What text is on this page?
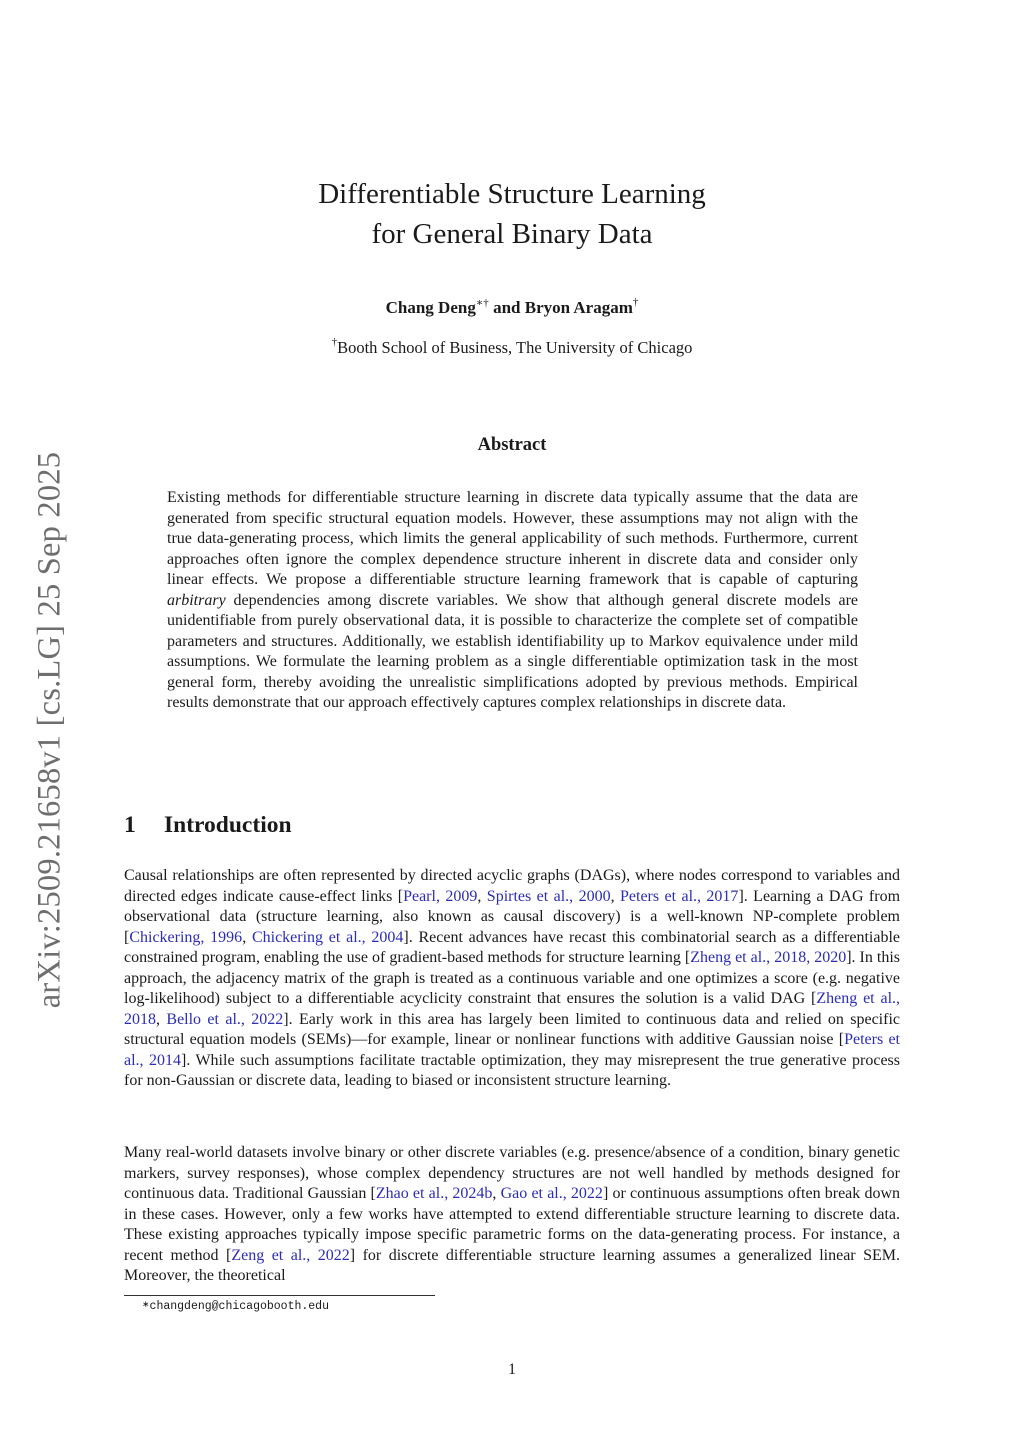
arXiv:2509.21658v1 [cs.LG] 25 Sep 2025
Differentiable Structure Learning
for General Binary Data
Chang Deng∗† and Bryon Aragam†
†Booth School of Business, The University of Chicago
Abstract
Existing methods for differentiable structure learning in discrete data typically assume that the data are generated from specific structural equation models. However, these assumptions may not align with the true data-generating process, which limits the general applicability of such methods. Furthermore, current approaches often ignore the complex dependence structure inherent in discrete data and consider only linear effects. We propose a differentiable structure learning framework that is capable of capturing arbitrary dependencies among discrete variables. We show that although general discrete models are unidentifiable from purely observational data, it is possible to characterize the complete set of compatible parameters and structures. Additionally, we establish identifiability up to Markov equivalence under mild assumptions. We formulate the learning problem as a single differentiable optimization task in the most general form, thereby avoiding the unrealistic simplifications adopted by previous methods. Empirical results demonstrate that our approach effectively captures complex relationships in discrete data.
1 Introduction
Causal relationships are often represented by directed acyclic graphs (DAGs), where nodes correspond to variables and directed edges indicate cause-effect links [Pearl, 2009, Spirtes et al., 2000, Peters et al., 2017]. Learning a DAG from observational data (structure learning, also known as causal discovery) is a well-known NP-complete problem [Chickering, 1996, Chickering et al., 2004]. Recent advances have recast this combinatorial search as a differentiable constrained program, enabling the use of gradient-based methods for structure learning [Zheng et al., 2018, 2020]. In this approach, the adjacency matrix of the graph is treated as a continuous variable and one optimizes a score (e.g. negative log-likelihood) subject to a differentiable acyclicity constraint that ensures the solution is a valid DAG [Zheng et al., 2018, Bello et al., 2022]. Early work in this area has largely been limited to continuous data and relied on specific structural equation models (SEMs)—for example, linear or nonlinear functions with additive Gaussian noise [Peters et al., 2014]. While such assumptions facilitate tractable optimization, they may misrepresent the true generative process for non-Gaussian or discrete data, leading to biased or inconsistent structure learning.
Many real-world datasets involve binary or other discrete variables (e.g. presence/absence of a condition, binary genetic markers, survey responses), whose complex dependency structures are not well handled by methods designed for continuous data. Traditional Gaussian [Zhao et al., 2024b, Gao et al., 2022] or continuous assumptions often break down in these cases. However, only a few works have attempted to extend differentiable structure learning to discrete data. These existing approaches typically impose specific parametric forms on the data-generating process. For instance, a recent method [Zeng et al., 2022] for discrete differentiable structure learning assumes a generalized linear SEM. Moreover, the theoretical
∗changdeng@chicagobooth.edu
1
